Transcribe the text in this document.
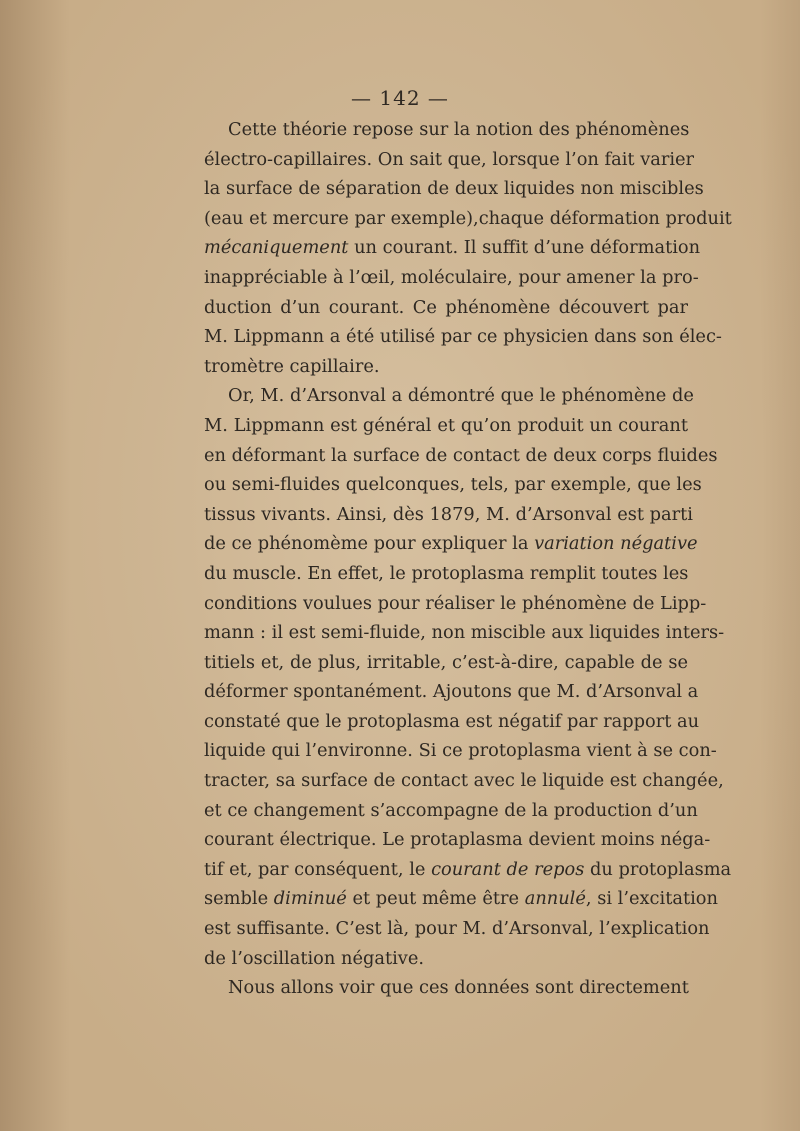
— 142 —
Cette théorie repose sur la notion des phénomènes
électro-capillaires. On sait que, lorsque l’on fait varier
la surface de séparation de deux liquides non miscibles
(eau et mercure par exemple),chaque déformation produit
mécaniquement un courant. Il suffit d’une déformation
inappréciable à l’œil, moléculaire, pour amener la pro-
duction d’un courant. Ce phénomène découvert par
M. Lippmann a été utilisé par ce physicien dans son élec-
tromètre capillaire.
Or, M. d’Arsonval a démontré que le phénomène de
M. Lippmann est général et qu’on produit un courant
en déformant la surface de contact de deux corps fluides
ou semi-fluides quelconques, tels, par exemple, que les
tissus vivants. Ainsi, dès 1879, M. d’Arsonval est parti
de ce phénomème pour expliquer la variation négative
du muscle. En effet, le protoplasma remplit toutes les
conditions voulues pour réaliser le phénomène de Lipp-
mann : il est semi-fluide, non miscible aux liquides inters-
titiels et, de plus, irritable, c’est-à-dire, capable de se
déformer spontanément. Ajoutons que M. d’Arsonval a
constaté que le protoplasma est négatif par rapport au
liquide qui l’environne. Si ce protoplasma vient à se con-
tracter, sa surface de contact avec le liquide est changée,
et ce changement s’accompagne de la production d’un
courant électrique. Le protaplasma devient moins néga-
tif et, par conséquent, le courant de repos du protoplasma
semble diminué et peut même être annulé, si l’excitation
est suffisante. C’est là, pour M. d’Arsonval, l’explication
de l’oscillation négative.
Nous allons voir que ces données sont directement
